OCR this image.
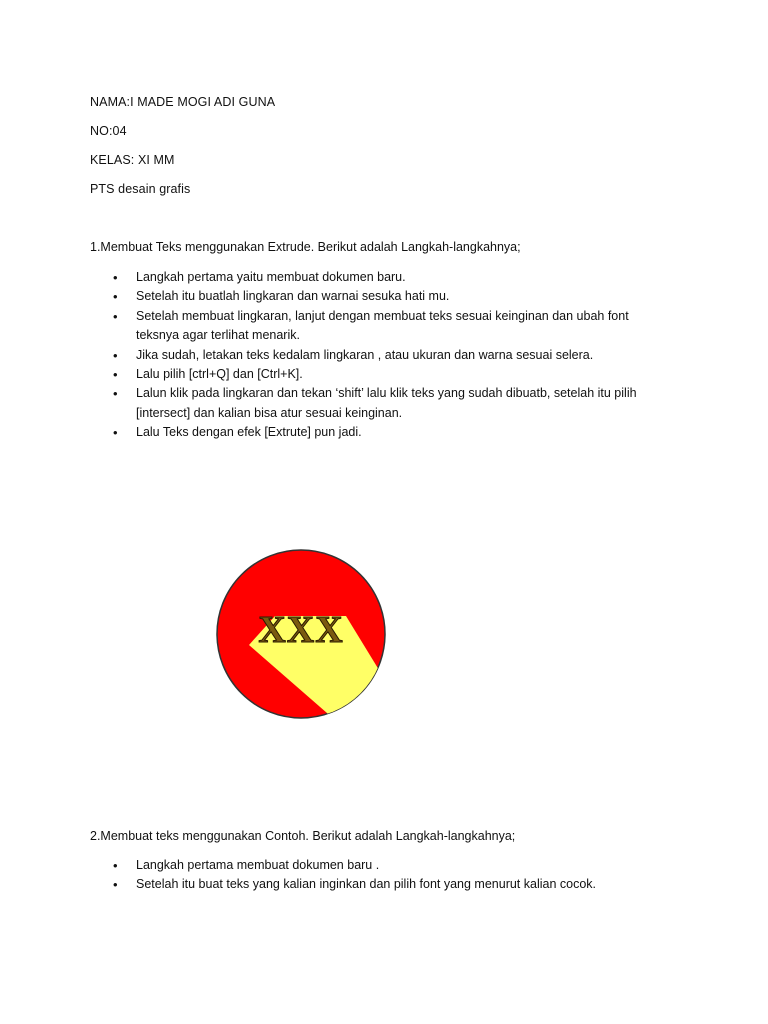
NAMA:I MADE MOGI ADI GUNA
NO:04
KELAS: XI MM
PTS desain grafis
1.Membuat Teks menggunakan Extrude. Berikut adalah Langkah-langkahnya;
• Langkah pertama yaitu membuat dokumen baru.
• Setelah itu buatlah lingkaran dan warnai sesuka hati mu.
• Setelah membuat lingkaran, lanjut dengan membuat teks sesuai keinginan dan ubah font teksnya agar terlihat menarik.
• Jika sudah, letakan teks kedalam lingkaran , atau ukuran dan warna sesuai selera.
• Lalu pilih [ctrl+Q] dan [Ctrl+K].
• Lalun klik pada lingkaran dan tekan ‘shift’ lalu klik teks yang sudah dibuatb, setelah itu pilih [intersect] dan kalian bisa atur sesuai keinginan.
• Lalu Teks dengan efek [Extrute] pun jadi.
XXX
2.Membuat teks menggunakan Contoh. Berikut adalah Langkah-langkahnya;
• Langkah pertama membuat dokumen baru .
• Setelah itu buat teks yang kalian inginkan dan pilih font yang menurut kalian cocok.
